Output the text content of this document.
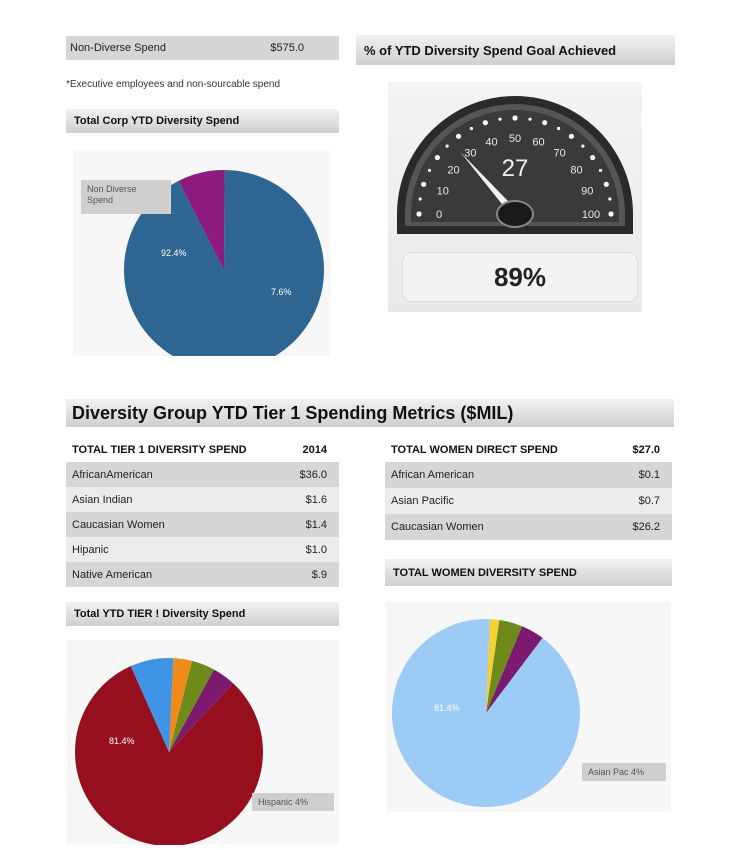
Non-Diverse Spend	$575.0
*Executive employees and non-sourcable spend
Total Corp YTD Diversity Spend
92.4%
7.6%
Non Diverse Spend
% of YTD Diversity Spend Goal Achieved
0
10
20
30
40 50 60
70
80
90
100
27
89%
Diversity Group YTD Tier 1 Spending Metrics ($MIL)
TOTAL TIER 1 DIVERSITY SPEND	2014
AfricanAmerican	$36.0
Asian Indian	$1.6
Caucasian Women	$1.4
Hipanic	$1.0
Native American	$.9
TOTAL WOMEN DIRECT SPEND	$27.0
African American	$0.1
Asian Pacific	$0.7
Caucasian Women	$26.2
TOTAL WOMEN DIVERSITY SPEND
Total YTD TIER ! Diversity Spend
81.4%
Hispanic 4%
81.4%
Asian Pac 4%
